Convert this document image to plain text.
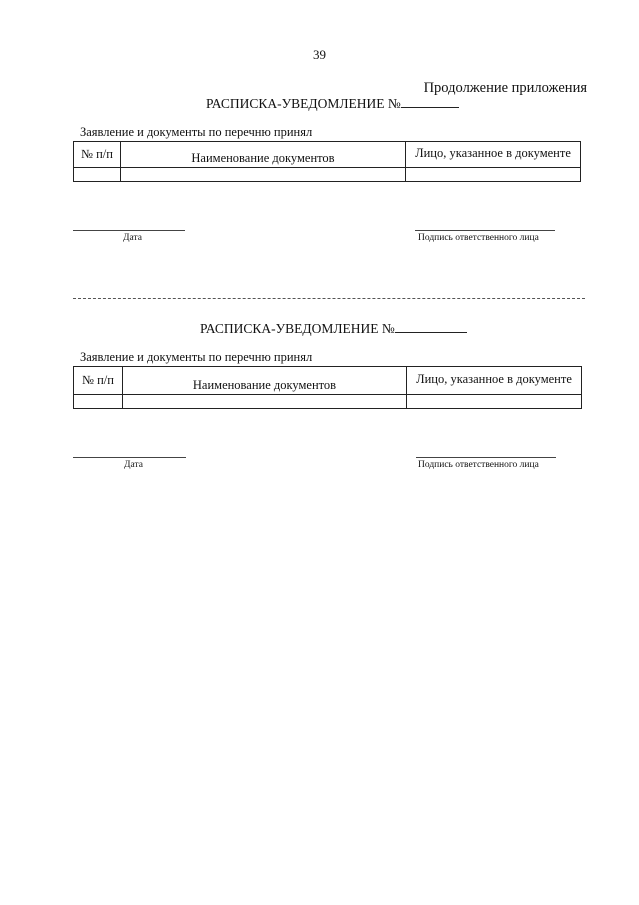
39
Продолжение приложения
РАСПИСКА-УВЕДОМЛЕНИЕ №
Заявление и документы по перечню принял
№ п/п	Наименование документов	Лицо, указанное в документе

Дата	Подпись ответственного лица
РАСПИСКА-УВЕДОМЛЕНИЕ №
Заявление и документы по перечню принял
№ п/п	Наименование документов	Лицо, указанное в документе

Дата	Подпись ответственного лица
